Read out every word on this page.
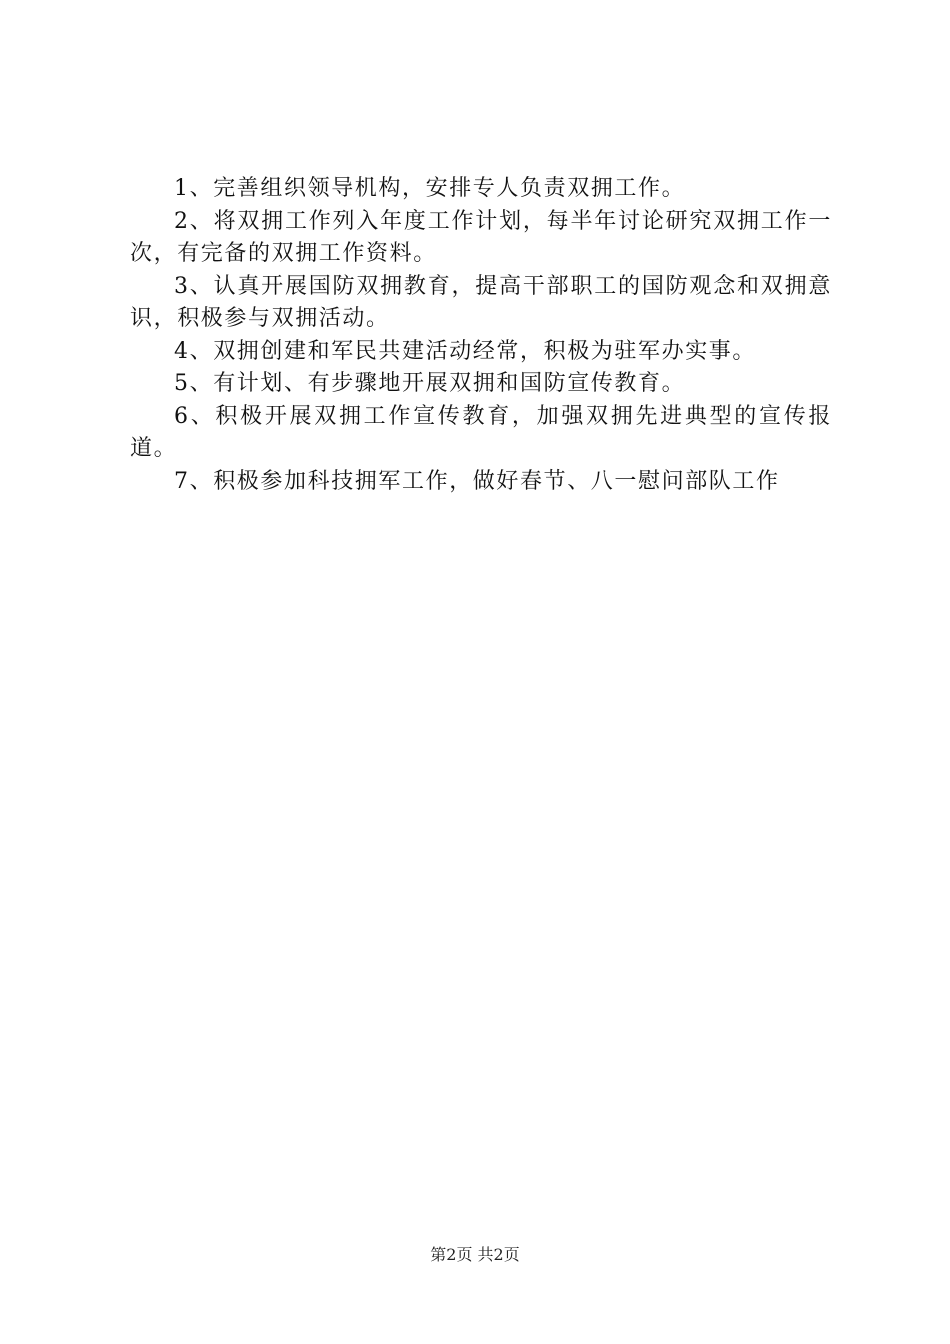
1、完善组织领导机构，安排专人负责双拥工作。

2、将双拥工作列入年度工作计划，每半年讨论研究双拥工作一次，有完备的双拥工作资料。

3、认真开展国防双拥教育，提高干部职工的国防观念和双拥意识，积极参与双拥活动。

4、双拥创建和军民共建活动经常，积极为驻军办实事。

5、有计划、有步骤地开展双拥和国防宣传教育。

6、积极开展双拥工作宣传教育，加强双拥先进典型的宣传报道。

7、积极参加科技拥军工作，做好春节、八一慰问部队工作

第2页 共2页
